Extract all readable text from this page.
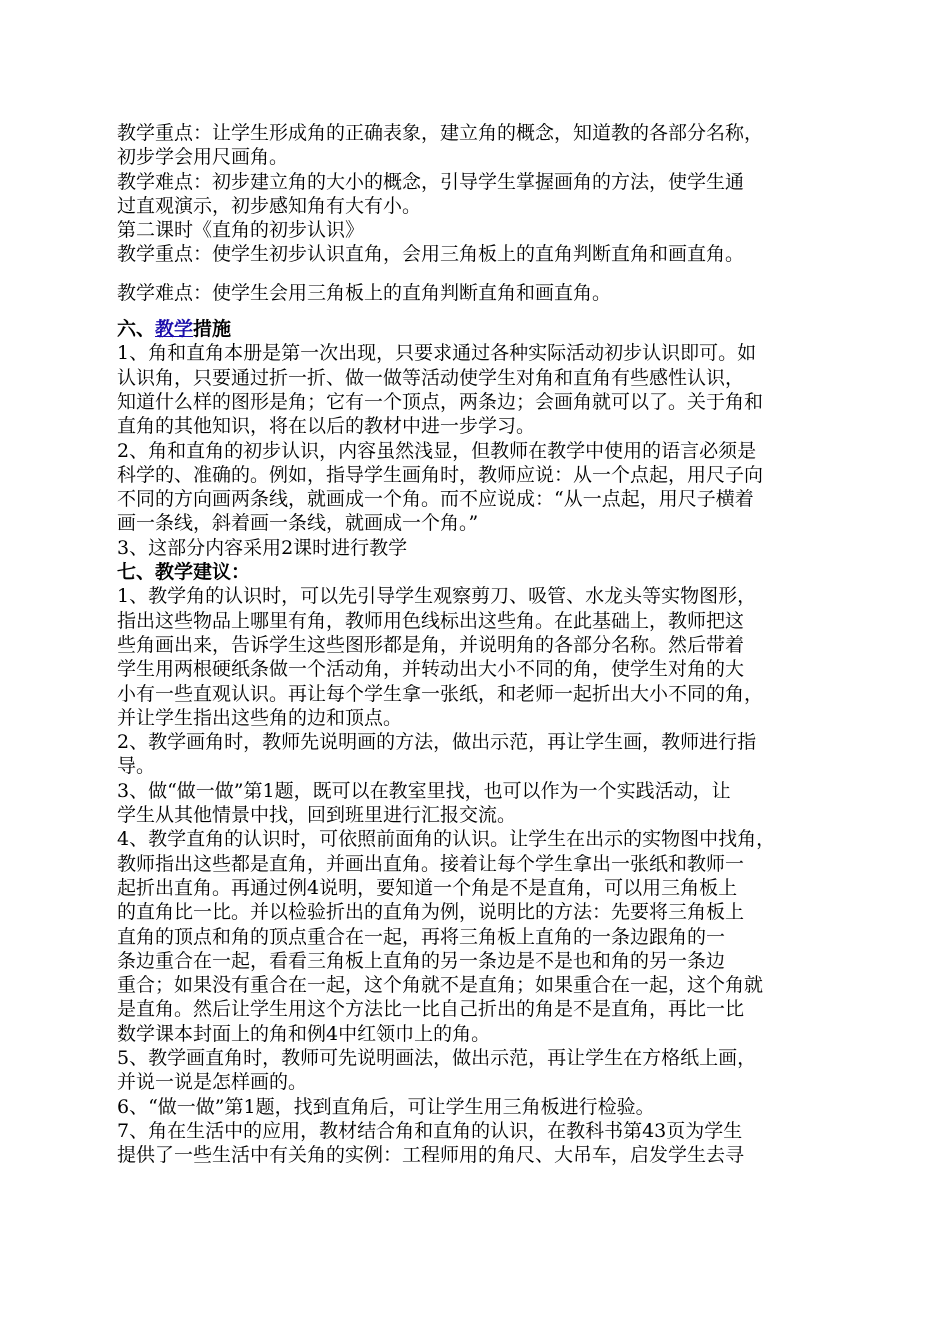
教学重点：让学生形成角的正确表象，建立角的概念，知道教的各部分名称，
初步学会用尺画角。
教学难点：初步建立角的大小的概念，引导学生掌握画角的方法，使学生通
过直观演示，初步感知角有大有小。
第二课时《直角的初步认识》
教学重点：使学生初步认识直角，会用三角板上的直角判断直角和画直角。
教学难点：使学生会用三角板上的直角判断直角和画直角。
六、教学措施
1、角和直角本册是第一次出现，只要求通过各种实际活动初步认识即可。如
认识角，只要通过折一折、做一做等活动使学生对角和直角有些感性认识，
知道什么样的图形是角；它有一个顶点，两条边；会画角就可以了。关于角和
直角的其他知识，将在以后的教材中进一步学习。
2、角和直角的初步认识，内容虽然浅显，但教师在教学中使用的语言必须是
科学的、准确的。例如，指导学生画角时，教师应说：从一个点起，用尺子向
不同的方向画两条线，就画成一个角。而不应说成：“从一点起，用尺子横着
画一条线，斜着画一条线，就画成一个角。”
3、这部分内容采用2课时进行教学
七、教学建议：
1、教学角的认识时，可以先引导学生观察剪刀、吸管、水龙头等实物图形，
指出这些物品上哪里有角，教师用色线标出这些角。在此基础上，教师把这
些角画出来，告诉学生这些图形都是角，并说明角的各部分名称。然后带着
学生用两根硬纸条做一个活动角，并转动出大小不同的角，使学生对角的大
小有一些直观认识。再让每个学生拿一张纸，和老师一起折出大小不同的角，
并让学生指出这些角的边和顶点。
2、教学画角时，教师先说明画的方法，做出示范，再让学生画，教师进行指
导。
3、做“做一做”第1题，既可以在教室里找，也可以作为一个实践活动，让
学生从其他情景中找，回到班里进行汇报交流。
4、教学直角的认识时，可依照前面角的认识。让学生在出示的实物图中找角，
教师指出这些都是直角，并画出直角。接着让每个学生拿出一张纸和教师一
起折出直角。再通过例4说明，要知道一个角是不是直角，可以用三角板上
的直角比一比。并以检验折出的直角为例，说明比的方法：先要将三角板上
直角的顶点和角的顶点重合在一起，再将三角板上直角的一条边跟角的一
条边重合在一起，看看三角板上直角的另一条边是不是也和角的另一条边
重合；如果没有重合在一起，这个角就不是直角；如果重合在一起，这个角就
是直角。然后让学生用这个方法比一比自己折出的角是不是直角，再比一比
数学课本封面上的角和例4中红领巾上的角。
5、教学画直角时，教师可先说明画法，做出示范，再让学生在方格纸上画，
并说一说是怎样画的。
6、“做一做”第1题，找到直角后，可让学生用三角板进行检验。
7、角在生活中的应用，教材结合角和直角的认识，在教科书第43页为学生
提供了一些生活中有关角的实例：工程师用的角尺、大吊车，启发学生去寻
